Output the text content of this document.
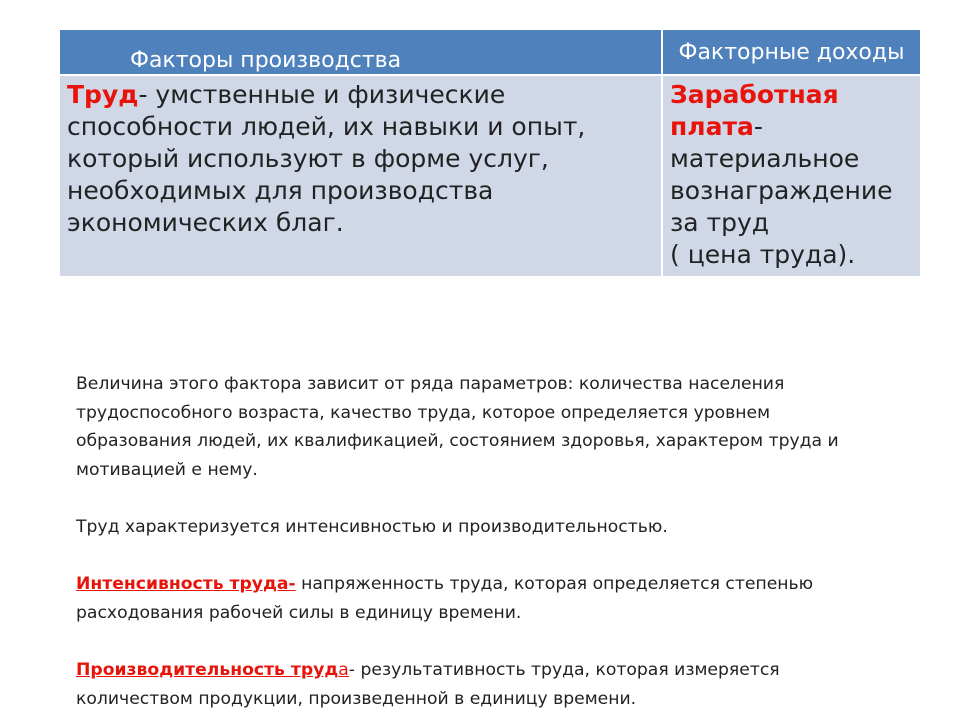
Факторы производства	Факторные доходы
Труд- умственные и физические способности людей, их навыки и опыт, который используют в форме услуг, необходимых для производства экономических благ.
Заработная плата- материальное вознаграждение за труд
( цена труда).

Величина этого фактора зависит от ряда параметров: количества населения трудоспособного возраста, качество труда, которое определяется уровнем образования людей, их квалификацией, состоянием здоровья, характером труда и мотивацией е нему.

Труд характеризуется интенсивностью и производительностью.

Интенсивность труда- напряженность труда, которая определяется степенью расходования рабочей силы в единицу времени.

Производительность труда- результативность труда, которая измеряется количеством продукции, произведенной в единицу времени.
